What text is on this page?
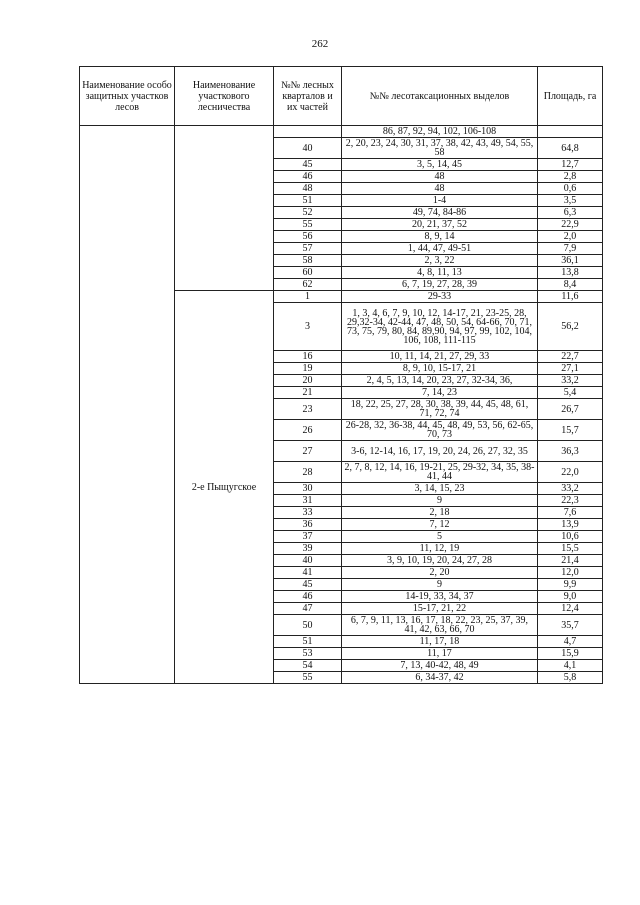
262
Наименование особо защитных участков лесов	Наименование участкового лесничества	№№ лесных кварталов и их частей	№№ лесотаксационных выделов	Площадь, га
			86, 87, 92, 94, 102, 106-108	
		40	2, 20, 23, 24, 30, 31, 37, 38, 42, 43, 49, 54, 55, 58	64,8
		45	3, 5, 14, 45	12,7
		46	48	2,8
		48	48	0,6
		51	1-4	3,5
		52	49, 74, 84-86	6,3
		55	20, 21, 37, 52	22,9
		56	8, 9, 14	2,0
		57	1, 44, 47, 49-51	7,9
		58	2, 3, 22	36,1
		60	4, 8, 11, 13	13,8
		62	6, 7, 19, 27, 28, 39	8,4
	2-е Пыщугское	1	29-33	11,6
		3	1, 3, 4, 6, 7, 9, 10, 12, 14-17, 21, 23-25, 28, 29,32-34, 42-44, 47, 48, 50, 54, 64-66, 70, 71, 73, 75, 79, 80, 84, 89,90, 94, 97, 99, 102, 104, 106, 108, 111-115	56,2
		16	10, 11, 14, 21, 27, 29, 33	22,7
		19	8, 9, 10, 15-17, 21	27,1
		20	2, 4, 5, 13, 14, 20, 23, 27, 32-34, 36,	33,2
		21	7, 14, 23	5,4
		23	18, 22, 25, 27, 28, 30, 38, 39, 44, 45, 48, 61, 71, 72, 74	26,7
		26	26-28, 32, 36-38, 44, 45, 48, 49, 53, 56, 62-65, 70, 73	15,7
		27	3-6, 12-14, 16, 17, 19, 20, 24, 26, 27, 32, 35	36,3
		28	2, 7, 8, 12, 14, 16, 19-21, 25, 29-32, 34, 35, 38-41, 44	22,0
		30	3, 14, 15, 23	33,2
		31	9	22,3
		33	2, 18	7,6
		36	7, 12	13,9
		37	5	10,6
		39	11, 12, 19	15,5
		40	3, 9, 10, 19, 20, 24, 27, 28	21,4
		41	2, 20	12,0
		45	9	9,9
		46	14-19, 33, 34, 37	9,0
		47	15-17, 21, 22	12,4
		50	6, 7, 9, 11, 13, 16, 17, 18, 22, 23, 25, 37, 39, 41, 42, 63, 66, 70	35,7
		51	11, 17, 18	4,7
		53	11, 17	15,9
		54	7, 13, 40-42, 48, 49	4,1
		55	6, 34-37, 42	5,8
